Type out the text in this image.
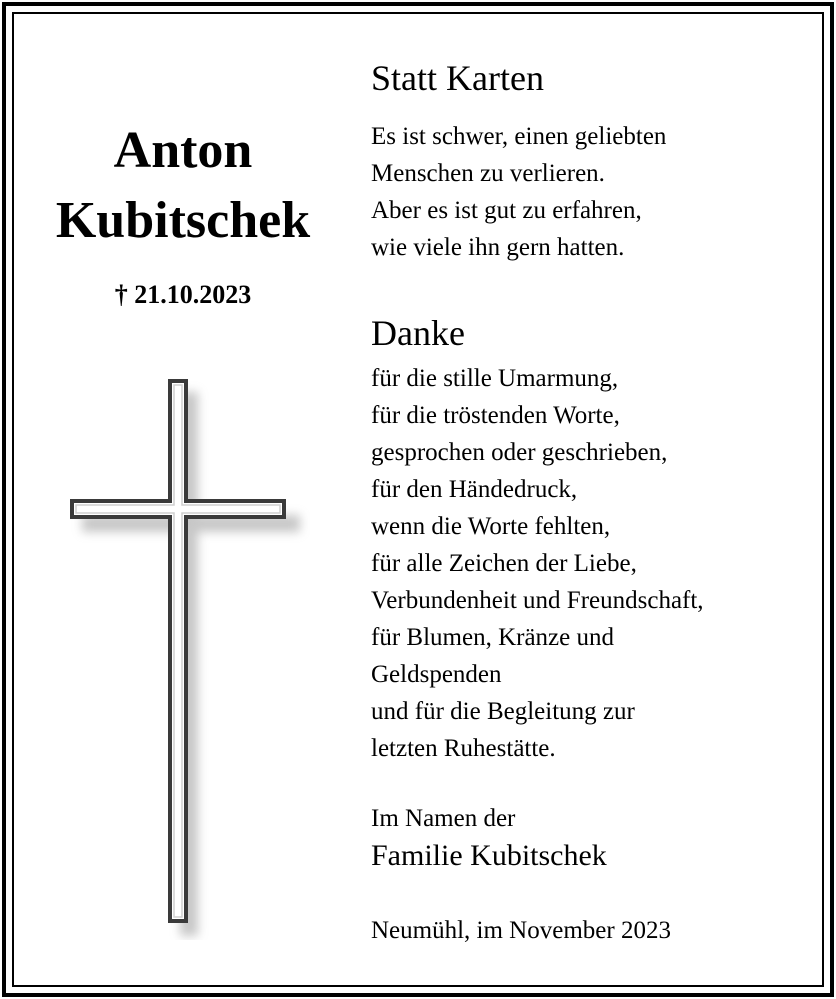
Anton
Kubitschek
† 21.10.2023
Statt Karten
Es ist schwer, einen geliebten
Menschen zu verlieren.
Aber es ist gut zu erfahren,
wie viele ihn gern hatten.
Danke
für die stille Umarmung,
für die tröstenden Worte,
gesprochen oder geschrieben,
für den Händedruck,
wenn die Worte fehlten,
für alle Zeichen der Liebe,
Verbundenheit und Freundschaft,
für Blumen, Kränze und
Geldspenden
und für die Begleitung zur
letzten Ruhestätte.
Im Namen der
Familie Kubitschek
Neumühl, im November 2023
